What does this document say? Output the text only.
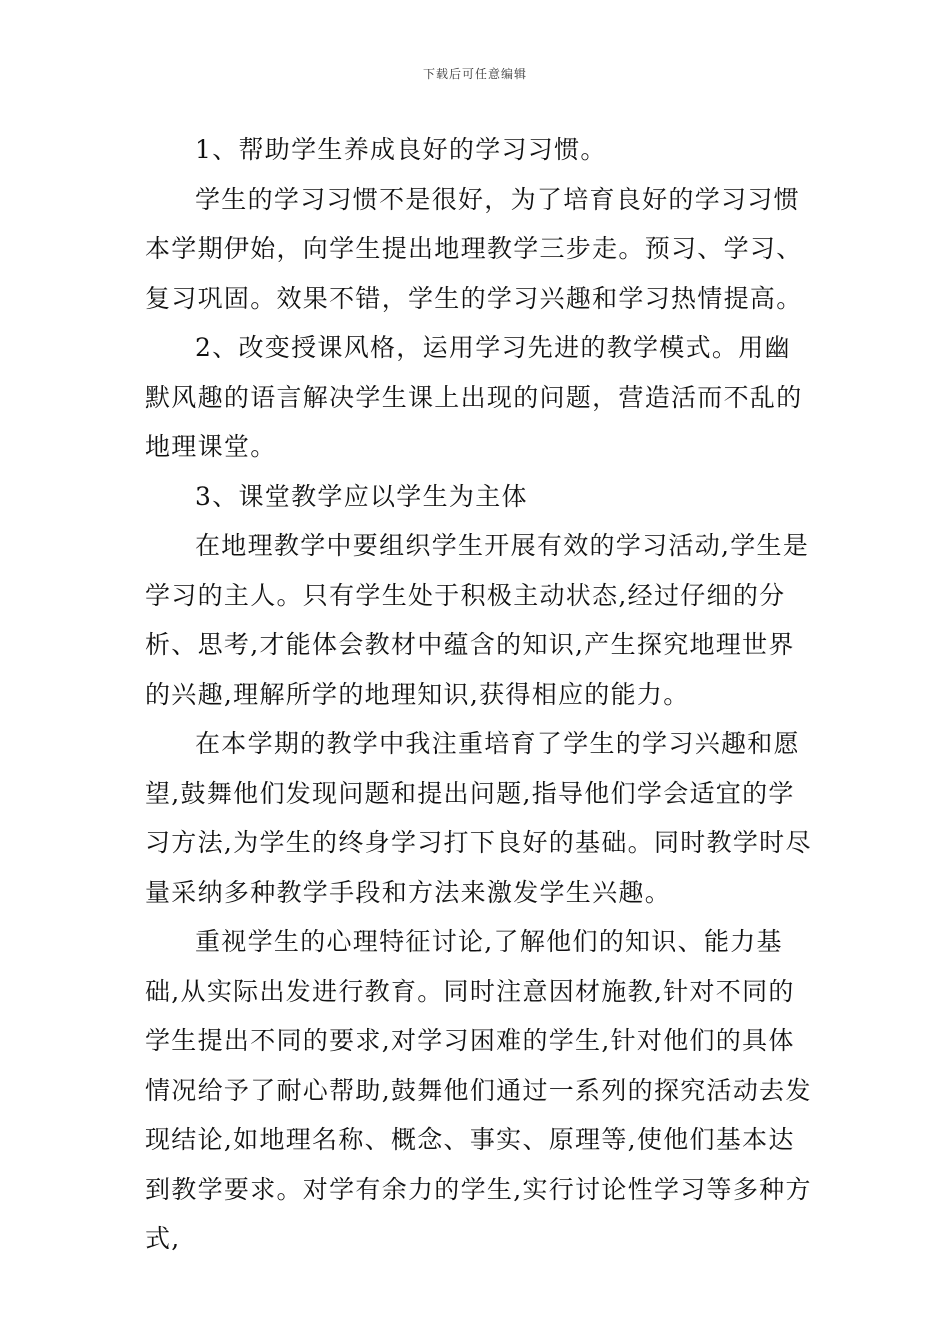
下载后可任意编辑

1、帮助学生养成良好的学习习惯。

学生的学习习惯不是很好，为了培育良好的学习习惯本学期伊始，向学生提出地理教学三步走。预习、学习、复习巩固。效果不错，学生的学习兴趣和学习热情提高。

2、改变授课风格，运用学习先进的教学模式。用幽默风趣的语言解决学生课上出现的问题，营造活而不乱的地理课堂。

3、课堂教学应以学生为主体

在地理教学中要组织学生开展有效的学习活动,学生是学习的主人。只有学生处于积极主动状态,经过仔细的分析、思考,才能体会教材中蕴含的知识,产生探究地理世界的兴趣,理解所学的地理知识,获得相应的能力。

在本学期的教学中我注重培育了学生的学习兴趣和愿望,鼓舞他们发现问题和提出问题,指导他们学会适宜的学习方法,为学生的终身学习打下良好的基础。同时教学时尽量采纳多种教学手段和方法来激发学生兴趣。

重视学生的心理特征讨论,了解他们的知识、能力基础,从实际出发进行教育。同时注意因材施教,针对不同的学生提出不同的要求,对学习困难的学生,针对他们的具体情况给予了耐心帮助,鼓舞他们通过一系列的探究活动去发现结论,如地理名称、概念、事实、原理等,使他们基本达到教学要求。对学有余力的学生,实行讨论性学习等多种方式,
